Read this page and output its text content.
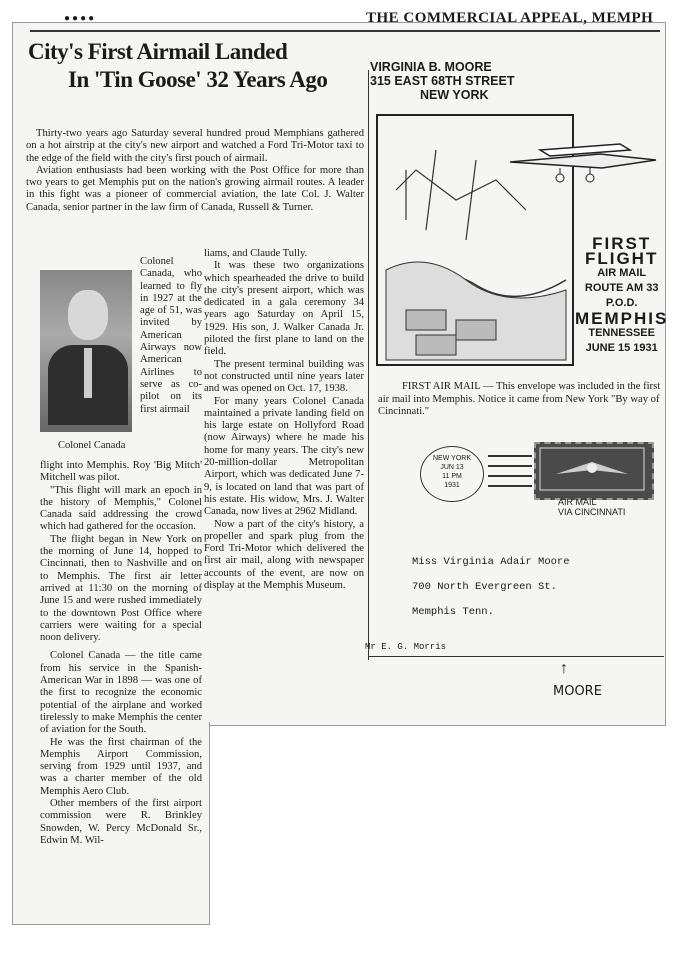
●●●●	THE COMMERCIAL APPEAL, MEMPH
City's First Airmail Landed
In 'Tin Goose' 32 Years Ago

Thirty-two years ago Saturday several hundred proud Memphians gathered on a hot airstrip at the city's new airport and watched a Ford Tri-Motor taxi to the edge of the field with the city's first pouch of airmail.

Aviation enthusiasts had been working with the Post Office for more than two years to get Memphis put on the nation's growing airmail routes. A leader in this fight was a pioneer of commercial aviation, the late Col. J. Walter Canada, senior partner in the law firm of Canada, Russell & Turner.

Colonel Canada

Colonel Canada, who learned to fly in 1927 at the age of 51, was invited by American Airways now American Airlines to serve as co-pilot on its first airmail

flight into Memphis. Roy 'Big Mitch' Mitchell was pilot.

"This flight will mark an epoch in the history of Memphis," Colonel Canada said addressing the crowd which had gathered for the occasion.

The flight began in New York on the morning of June 14, hopped to Cincinnati, then to Nashville and on to Memphis. The first air letter arrived at 11:30 on the morning of June 15 and were rushed immediately to the downtown Post Office where carriers were waiting for a special noon delivery.

Colonel Canada — the title came from his service in the Spanish-American War in 1898 — was one of the first to recognize the economic potential of the airplane and worked tirelessly to make Memphis the center of aviation for the South.

He was the first chairman of the Memphis Airport Commission, serving from 1929 until 1937, and was a charter member of the old Memphis Aero Club.

Other members of the first airport commission were R. Brinkley Snowden, W. Percy McDonald Sr., Edwin M. Wil-

liams, and Claude Tully.

It was these two organizations which spearheaded the drive to build the city's present airport, which was dedicated in a gala ceremony 34 years ago Saturday on April 15, 1929. His son, J. Walker Canada Jr. piloted the first plane to land on the field.

The present terminal building was not constructed until nine years later and was opened on Oct. 17, 1938.

For many years Colonel Canada maintained a private landing field on his large estate on Hollyford Road (now Airways) where he made his home for many years. The city's new 20-million-dollar Metropolitan Airport, which was dedicated June 7-9, is located on land that was part of his estate. His widow, Mrs. J. Walter Canada, now lives at 2962 Midland.

Now a part of the city's history, a propeller and spark plug from the Ford Tri-Motor which delivered the first air mail, along with newspaper accounts of the event, are now on display at the Memphis Museum.

VIRGINIA B. MOORE
315 EAST 68TH STREET
NEW YORK
FIRST
FLIGHT
AIR MAIL
ROUTE AM 33
P.O.D.
MEMPHIS
TENNESSEE
JUNE 15 1931
FIRST AIR MAIL — This envelope was included in the first air mail into Memphis. Notice it came from New York "By way of Cincinnati."
NEW YORK
JUN 13
11 PM
1931
AIR MAIL
VIA CINCINNATI
Miss Virginia Adair Moore
700 North Evergreen St.
Memphis Tenn.
Mr E. G. Morris
↑
MOORE
